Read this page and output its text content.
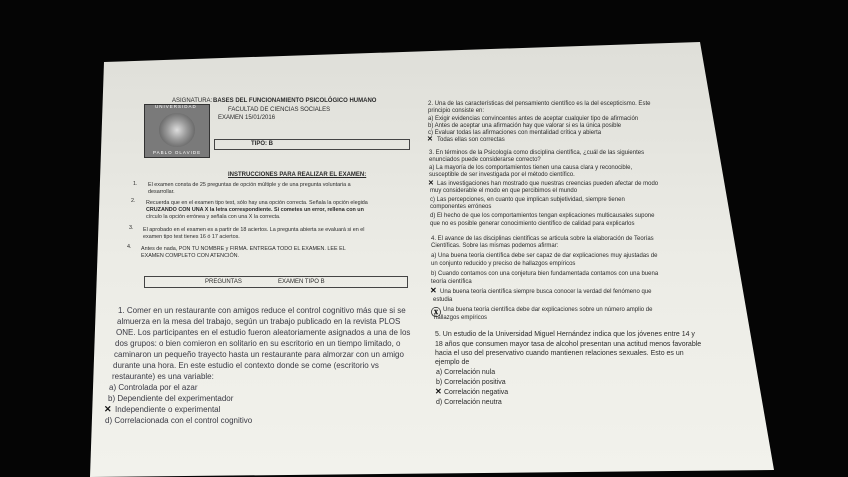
UNIVERSIDAD
PABLO OLAVIDE
ASIGNATURA: BASES DEL FUNCIONAMIENTO PSICOLÓGICO HUMANO
FACULTAD DE CIENCIAS SOCIALES
EXAMEN 15/01/2016
TIPO: B
INSTRUCCIONES PARA REALIZAR EL EXAMEN:
1. El examen consta de 25 preguntas de opción múltiple y de una pregunta voluntaria a
desarrollar.
2. Recuerda que en el examen tipo test, sólo hay una opción correcta. Señala la opción elegida
CRUZANDO CON UNA X la letra correspondiente. Si cometes un error, rellena con un
círculo la opción errónea y señala con una X la correcta.
3. El aprobado en el examen es a partir de 18 aciertos. La pregunta abierta se evaluará si en el
examen tipo test tienes 16 ó 17 aciertos.
4. Antes de nada, PON TU NOMBRE y FIRMA. ENTREGA TODO EL EXAMEN. LEE EL
EXAMEN COMPLETO CON ATENCIÓN.
PREGUNTAS	EXAMEN TIPO B
1. Comer en un restaurante con amigos reduce el control cognitivo más que si se
almuerza en la mesa del trabajo, según un trabajo publicado en la revista PLOS
ONE. Los participantes en el estudio fueron aleatoriamente asignados a una de los
dos grupos: o bien comieron en solitario en su escritorio en un tiempo limitado, o
caminaron un pequeño trayecto hasta un restaurante para almorzar con un amigo
durante una hora. En este estudio el contexto donde se come (escritorio vs
restaurante) es una variable:
a) Controlada por el azar
b) Dependiente del experimentador
✕ Independiente o experimental
d) Correlacionada con el control cognitivo
2. Una de las características del pensamiento científico es la del escepticismo. Este
principio consiste en:
a) Exigir evidencias convincentes antes de aceptar cualquier tipo de afirmación
b) Antes de aceptar una afirmación hay que valorar si es la única posible
c) Evaluar todas las afirmaciones con mentalidad crítica y abierta
✕ Todas ellas son correctas
3. En términos de la Psicología como disciplina científica, ¿cuál de las siguientes
enunciados puede considerarse correcto?
a) La mayoría de los comportamientos tienen una causa clara y reconocible,
susceptible de ser investigada por el método científico.
✕ Las investigaciones han mostrado que nuestras creencias pueden afectar de modo
muy considerable el modo en que percibimos el mundo
c) Las percepciones, en cuanto que implican subjetividad, siempre tienen
componentes erróneos
d) El hecho de que los comportamientos tengan explicaciones multicausales supone
que no es posible generar conocimiento científico de calidad para explicarlos
4. El avance de las disciplinas científicas se articula sobre la elaboración de Teorías
Científicas. Sobre las mismas podemos afirmar:
a) Una buena teoría científica debe ser capaz de dar explicaciones muy ajustadas de
un conjunto reducido y preciso de hallazgos empíricos
b) Cuando contamos con una conjetura bien fundamentada contamos con una buena
teoría científica
✕ Una buena teoría científica siempre busca conocer la verdad del fenómeno que
estudia
ⓧ Una buena teoría científica debe dar explicaciones sobre un número amplio de
hallazgos empíricos
5. Un estudio de la Universidad Miguel Hernández indica que los jóvenes entre 14 y
18 años que consumen mayor tasa de alcohol presentan una actitud menos favorable
hacia el uso del preservativo cuando mantienen relaciones sexuales. Esto es un
ejemplo de
a) Correlación nula
b) Correlación positiva
✕ Correlación negativa
d) Correlación neutra
